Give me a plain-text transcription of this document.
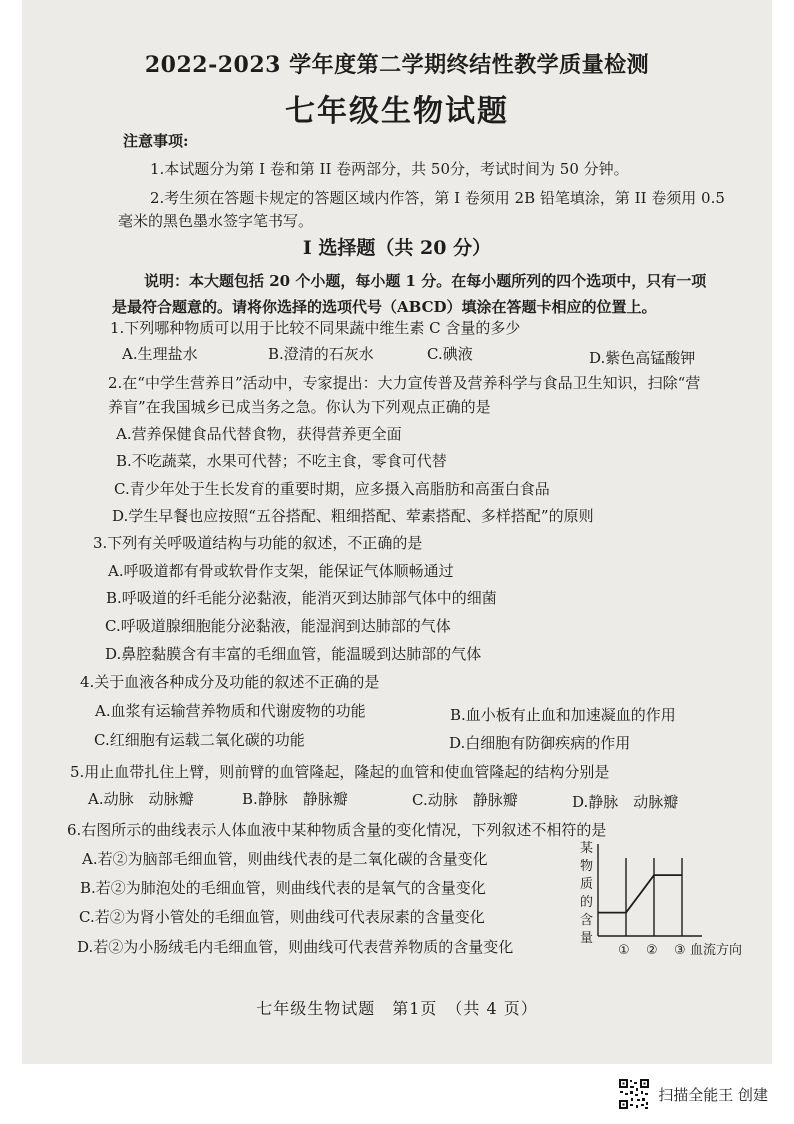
2022-2023 学年度第二学期终结性教学质量检测
七年级生物试题
注意事项:
1.本试题分为第 I 卷和第 II 卷两部分，共 50分，考试时间为 50 分钟。
2.考生须在答题卡规定的答题区域内作答，第 I 卷须用 2B 铅笔填涂，第 II 卷须用 0.5
毫米的黑色墨水签字笔书写。
I 选择题（共 20 分）
说明：本大题包括 20 个小题，每小题 1 分。在每小题所列的四个选项中，只有一项
是最符合题意的。请将你选择的选项代号（ABCD）填涂在答题卡相应的位置上。
1.下列哪种物质可以用于比较不同果蔬中维生素 C 含量的多少
A.生理盐水	B.澄清的石灰水	C.碘液	D.紫色高锰酸钾
2.在“中学生营养日”活动中，专家提出：大力宣传普及营养科学与食品卫生知识，扫除“营
养盲”在我国城乡已成当务之急。你认为下列观点正确的是
A.营养保健食品代替食物，获得营养更全面
B.不吃蔬菜，水果可代替；不吃主食，零食可代替
C.青少年处于生长发育的重要时期，应多摄入高脂肪和高蛋白食品
D.学生早餐也应按照“五谷搭配、粗细搭配、荤素搭配、多样搭配”的原则
3.下列有关呼吸道结构与功能的叙述，不正确的是
A.呼吸道都有骨或软骨作支架，能保证气体顺畅通过
B.呼吸道的纤毛能分泌黏液，能消灭到达肺部气体中的细菌
C.呼吸道腺细胞能分泌黏液，能湿润到达肺部的气体
D.鼻腔黏膜含有丰富的毛细血管，能温暖到达肺部的气体
4.关于血液各种成分及功能的叙述不正确的是
A.血浆有运输营养物质和代谢废物的功能	B.血小板有止血和加速凝血的作用
C.红细胞有运载二氧化碳的功能	D.白细胞有防御疾病的作用
5.用止血带扎住上臂，则前臂的血管隆起，隆起的血管和使血管隆起的结构分别是
A.动脉　动脉瓣	B.静脉　静脉瓣	C.动脉　静脉瓣	D.静脉　动脉瓣
6.右图所示的曲线表示人体血液中某种物质含量的变化情况，下列叙述不相符的是
A.若②为脑部毛细血管，则曲线代表的是二氧化碳的含量变化
B.若②为肺泡处的毛细血管，则曲线代表的是氧气的含量变化
C.若②为肾小管处的毛细血管，则曲线可代表尿素的含量变化
D.若②为小肠绒毛内毛细血管，则曲线可代表营养物质的含量变化
某
物
质
的
含
量
① ② ③ 血流方向
七年级生物试题　第1页　（共 4 页）
扫描全能王 创建
